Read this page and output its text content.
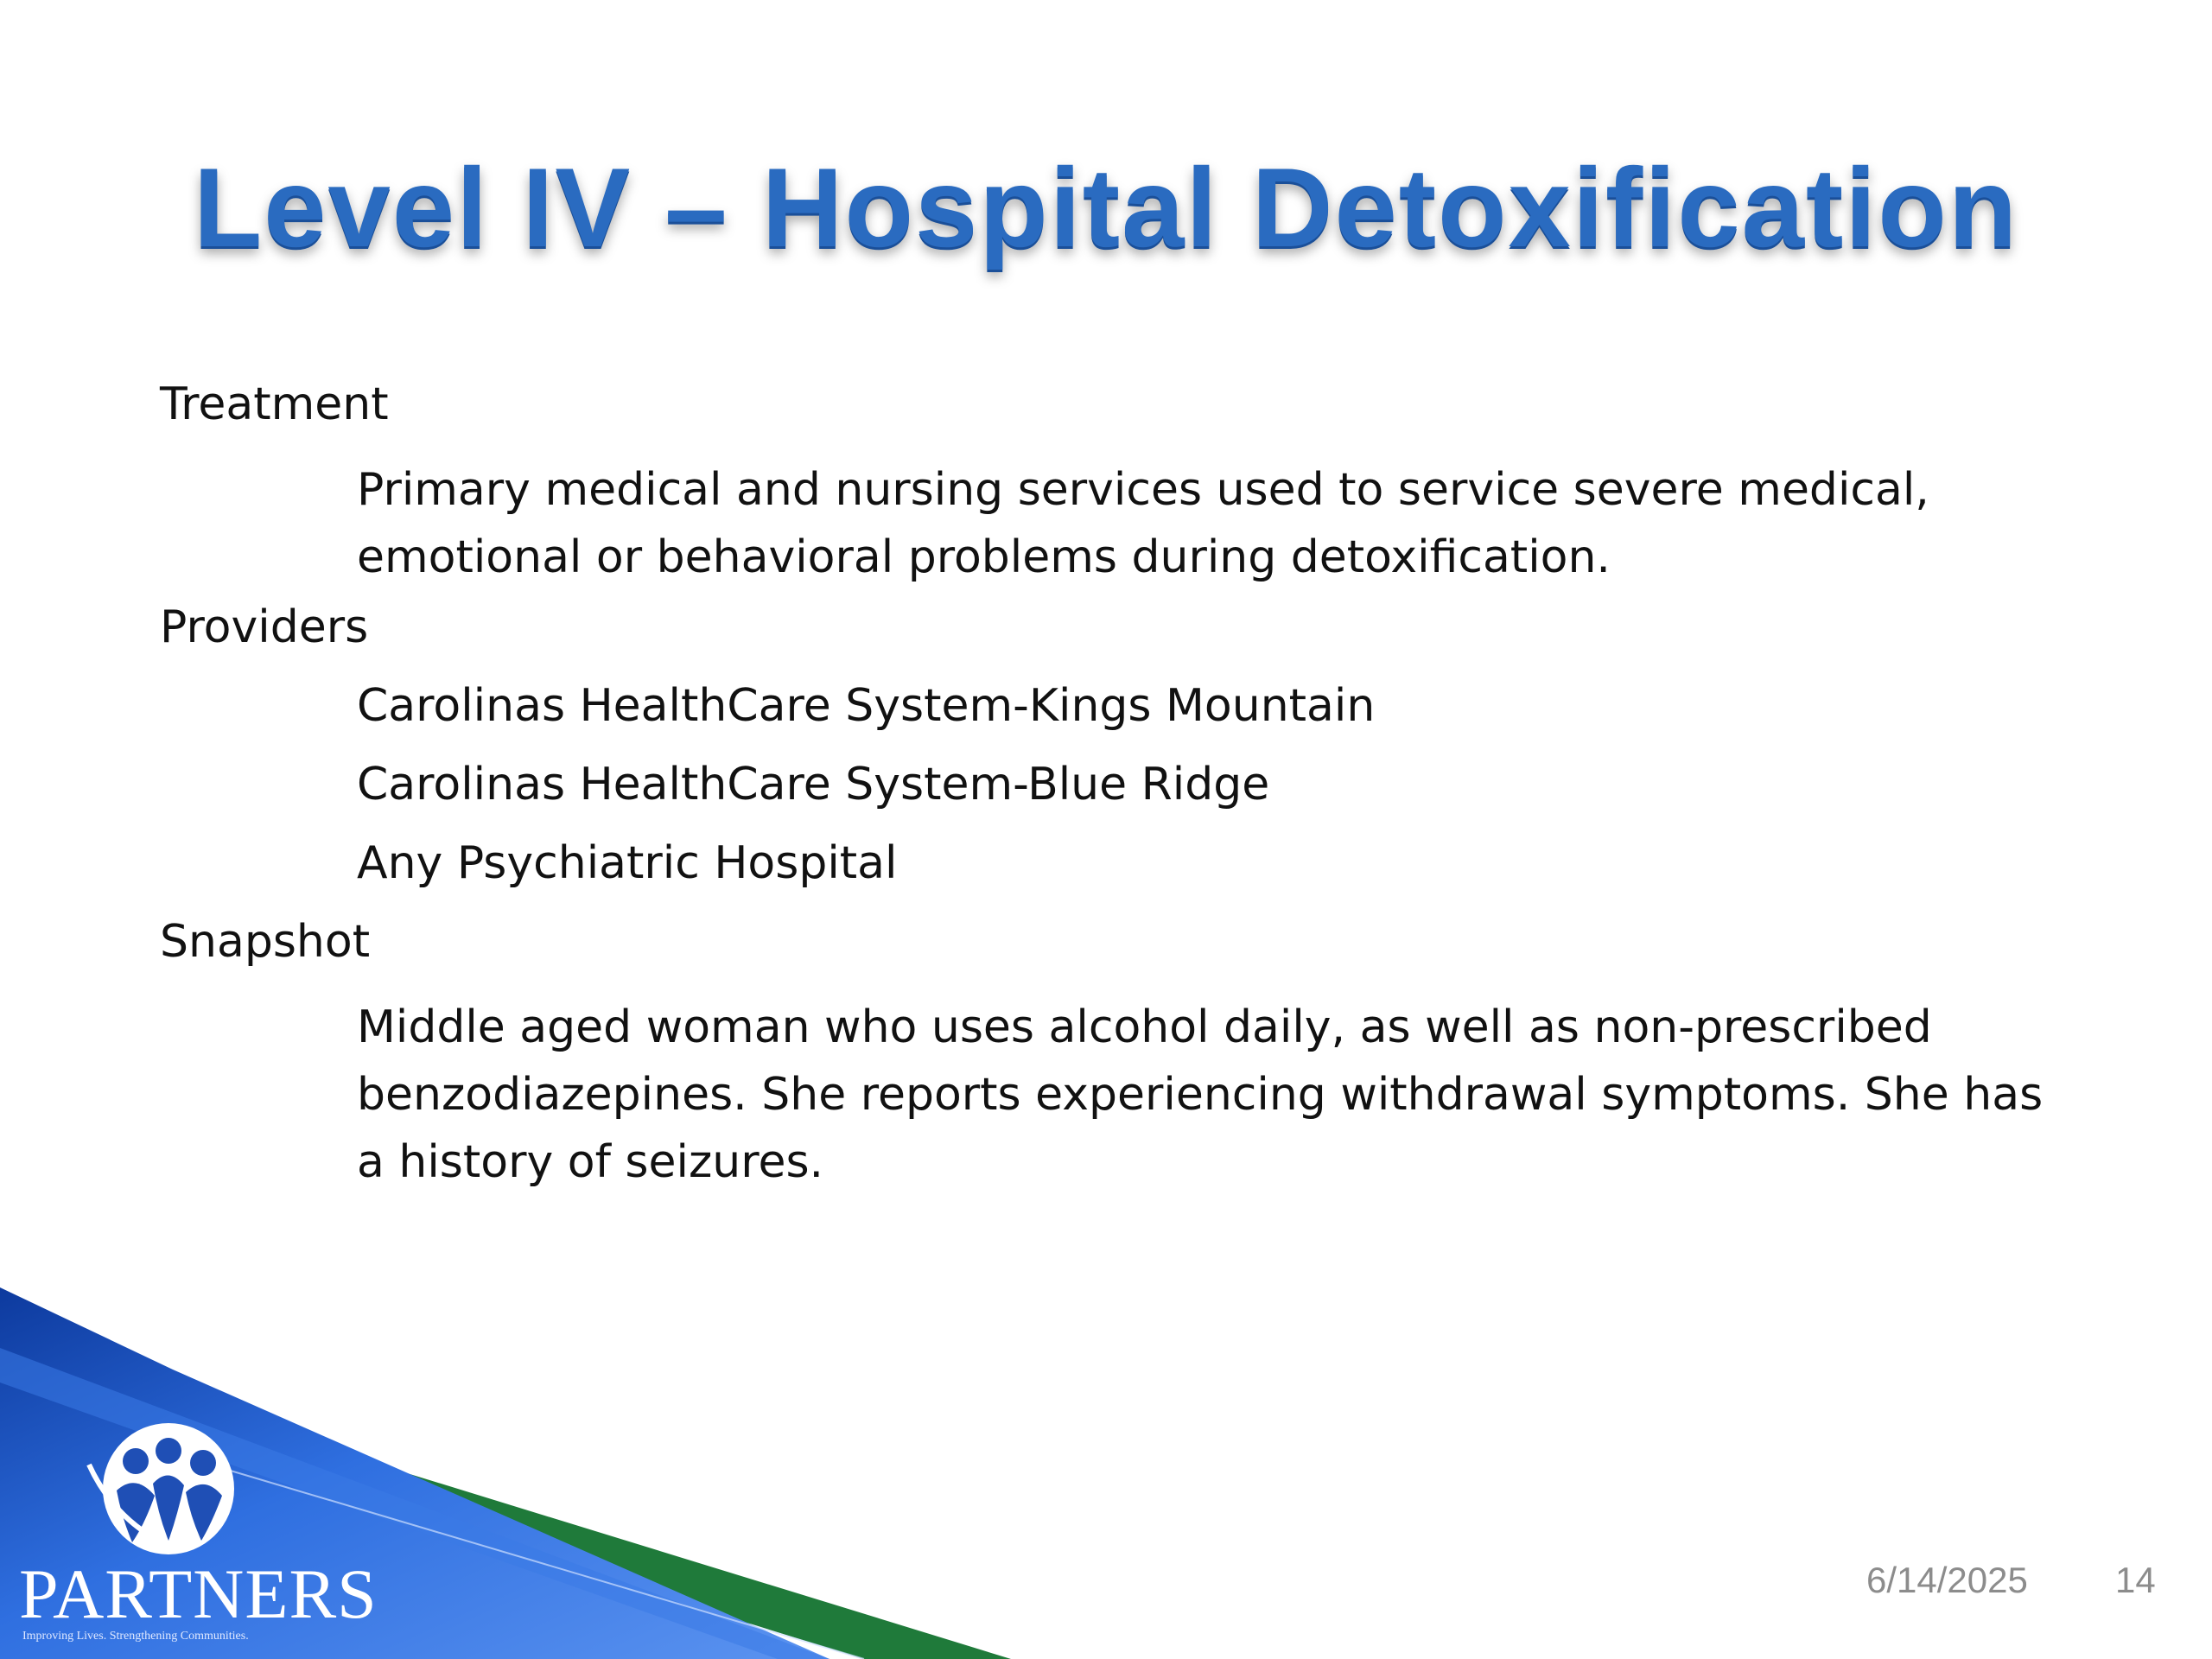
PARTNERS
Improving Lives. Strengthening Communities.
Level IV – Hospital Detoxification
Treatment
Primary medical and nursing services used to service severe medical,
emotional or behavioral problems during detoxification.
Providers
Carolinas HealthCare System-Kings Mountain
Carolinas HealthCare System-Blue Ridge
Any Psychiatric Hospital
Snapshot
Middle aged woman who uses alcohol daily, as well as non-prescribed
benzodiazepines. She reports experiencing withdrawal symptoms. She has
a history of seizures.
6/14/2025 14
